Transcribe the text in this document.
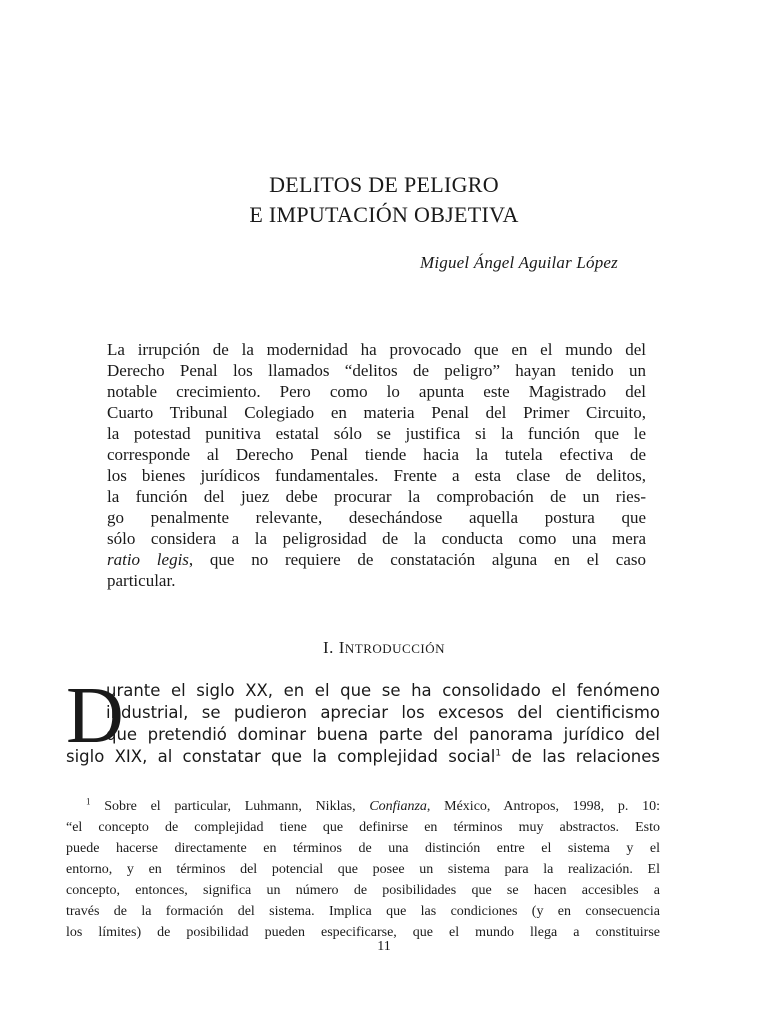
DELITOS DE PELIGRO
E IMPUTACIÓN OBJETIVA
Miguel Ángel Aguilar López
La irrupción de la modernidad ha provocado que en el mundo del
Derecho Penal los llamados “delitos de peligro” hayan tenido un
notable crecimiento. Pero como lo apunta este Magistrado del
Cuarto Tribunal Colegiado en materia Penal del Primer Circuito,
la potestad punitiva estatal sólo se justifica si la función que le
corresponde al Derecho Penal tiende hacia la tutela efectiva de
los bienes jurídicos fundamentales. Frente a esta clase de delitos,
la función del juez debe procurar la comprobación de un ries-
go penalmente relevante, desechándose aquella postura que
sólo considera a la peligrosidad de la conducta como una mera
ratio legis, que no requiere de constatación alguna en el caso
particular.
I. INTRODUCCIÓN
D
urante el siglo XX, en el que se ha consolidado el fenómeno
industrial, se pudieron apreciar los excesos del cientificismo
que pretendió dominar buena parte del panorama jurídico del
siglo XIX, al constatar que la complejidad social$^1$ de las relaciones
$^1$ Sobre el particular, Luhmann, Niklas, Confianza, México, Antropos, 1998, p. 10:
“el concepto de complejidad tiene que definirse en términos muy abstractos. Esto
puede hacerse directamente en términos de una distinción entre el sistema y el
entorno, y en términos del potencial que posee un sistema para la realización. El
concepto, entonces, significa un número de posibilidades que se hacen accesibles a
través de la formación del sistema. Implica que las condiciones (y en consecuencia
los límites) de posibilidad pueden especificarse, que el mundo llega a constituirse
11
